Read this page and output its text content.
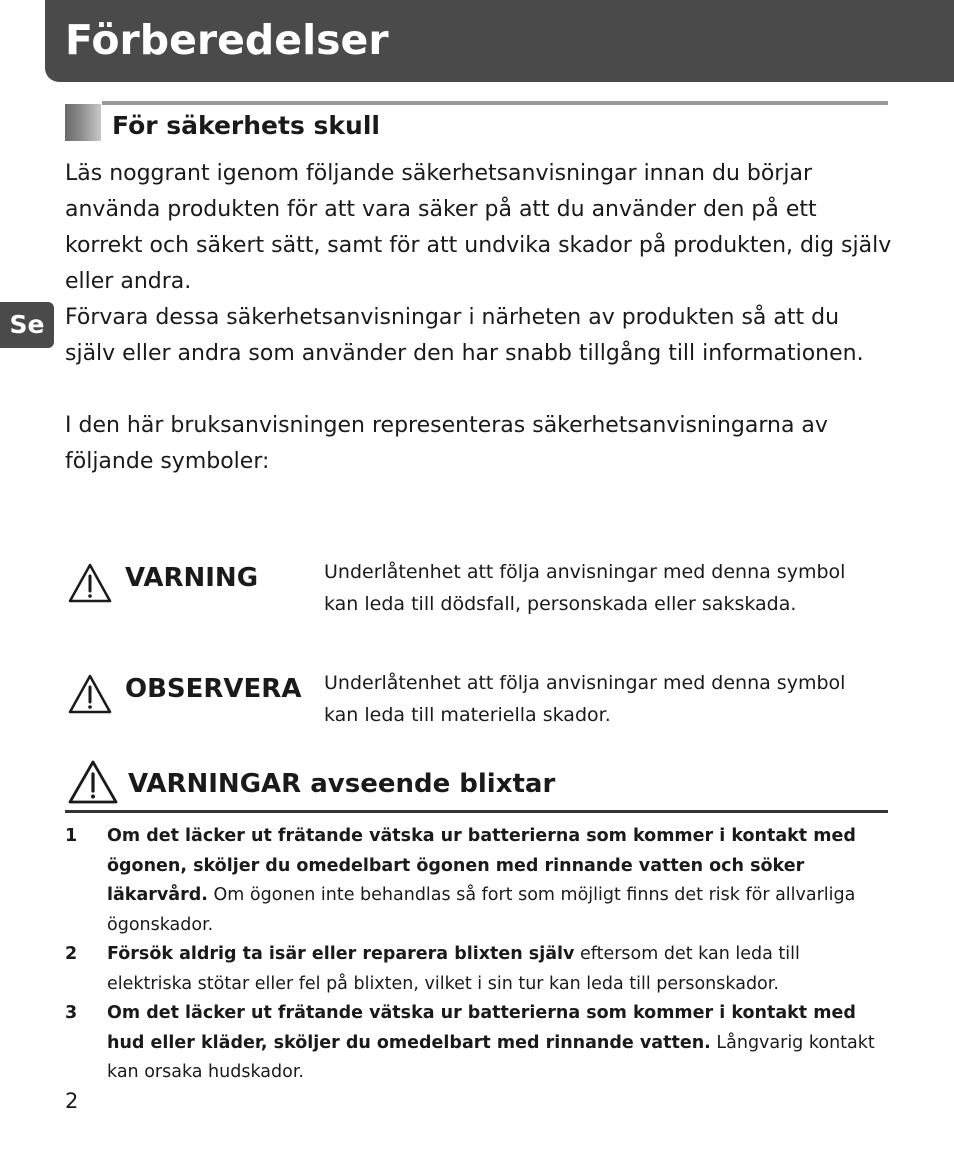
Förberedelser
Se
För säkerhets skull

Läs noggrant igenom följande säkerhetsanvisningar innan du börjar använda produkten för att vara säker på att du använder den på ett korrekt och säkert sätt, samt för att undvika skador på produkten, dig själv eller andra.

Förvara dessa säkerhetsanvisningar i närheten av produkten så att du själv eller andra som använder den har snabb tillgång till informationen.

I den här bruksanvisningen representeras säkerhetsanvisningarna av följande symboler:

VARNING	Underlåtenhet att följa anvisningar med denna symbol kan leda till dödsfall, personskada eller sakskada.
OBSERVERA Underlåtenhet att följa anvisningar med denna symbol kan leda till materiella skador.
VARNINGAR avseende blixtar
1 Om det läcker ut frätande vätska ur batterierna som kommer i kontakt med ögonen, sköljer du omedelbart ögonen med rinnande vatten och söker läkarvård. Om ögonen inte behandlas så fort som möjligt finns det risk för allvarliga ögonskador.
2 Försök aldrig ta isär eller reparera blixten själv eftersom det kan leda till elektriska stötar eller fel på blixten, vilket i sin tur kan leda till personskador.
3 Om det läcker ut frätande vätska ur batterierna som kommer i kontakt med hud eller kläder, sköljer du omedelbart med rinnande vatten. Långvarig kontakt kan orsaka hudskador.
2
